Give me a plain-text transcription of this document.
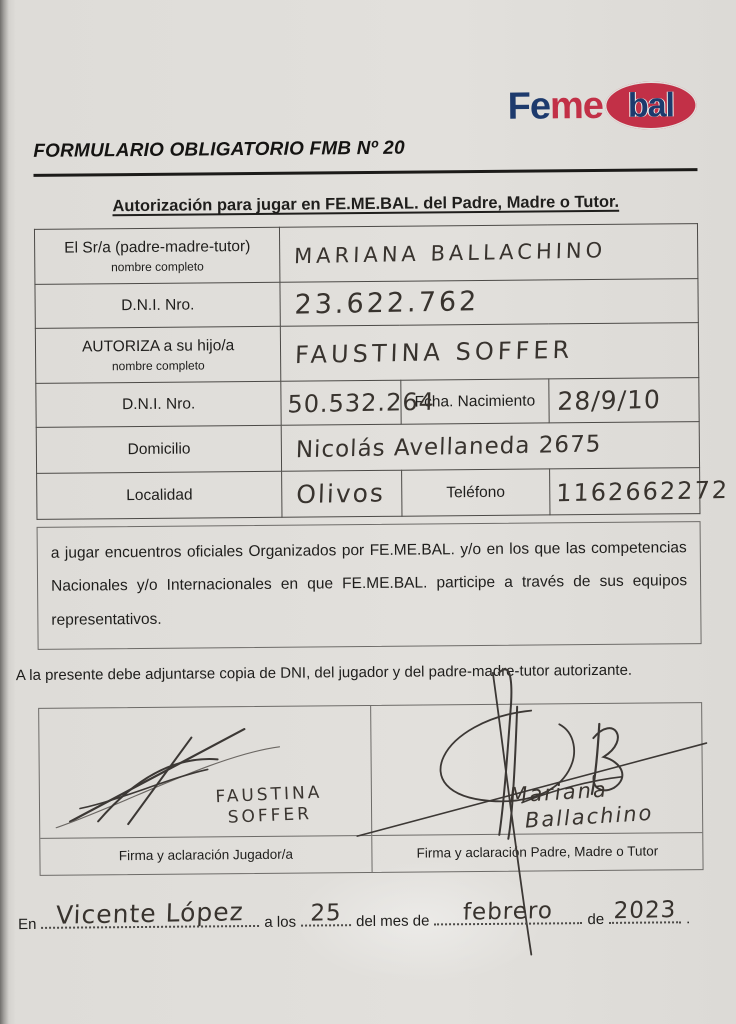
Fe me bal
FORMULARIO OBLIGATORIO FMB Nº 20
Autorización para jugar en FE.ME.BAL. del Padre, Madre o Tutor.
El Sr/a (padre-madre-tutor)
nombre completo	MARIANA BALLACHINO		
D.N.I. Nro.	23.622.762		

AUTORIZA a su hijo/a
nombre completo	FAUSTINA SOFFER		
D.N.I. Nro.	50.532.264	Fcha. Nacimiento	28/9/10
Domicilio	Nicolás Avellaneda 2675		
Localidad	Olivos	Teléfono	1162662272
a jugar encuentros oficiales Organizados por FE.ME.BAL. y/o en los que las competencias Nacionales y/o Internacionales en que FE.ME.BAL. participe a través de sus equipos representativos.

A la presente debe adjuntarse copia de DNI, del jugador y del padre-madre-tutor autorizante.

FAUSTINA
SOFFER
Firma y aclaración Jugador/a
Mariana
Ballachino
Firma y aclaración Padre, Madre o Tutor
En Vicente López	a los 25 del mes de	febrero	de 2023 .
